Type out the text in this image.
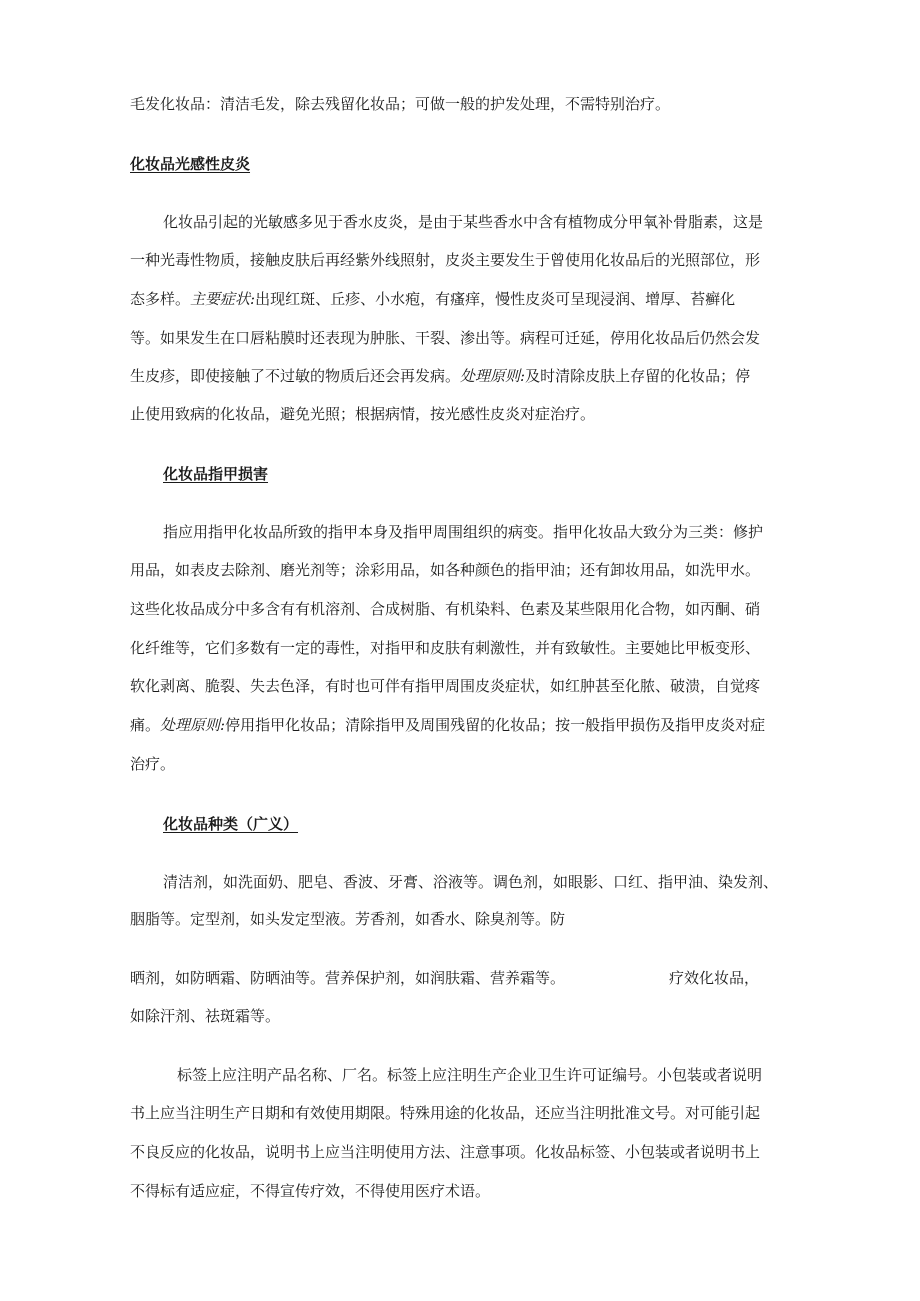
毛发化妆品：清洁毛发，除去残留化妆品；可做一般的护发处理，不需特别治疗。
化妆品光感性皮炎
化妆品引起的光敏感多见于香水皮炎，是由于某些香水中含有植物成分甲氧补骨脂素，这是
一种光毒性物质，接触皮肤后再经紫外线照射，皮炎主要发生于曾使用化妆品后的光照部位，形
态多样。主要症状:出现红斑、丘疹、小水疱，有瘙痒，慢性皮炎可呈现浸润、增厚、苔癣化
等。如果发生在口唇粘膜时还表现为肿胀、干裂、渗出等。病程可迁延，停用化妆品后仍然会发
生皮疹，即使接触了不过敏的物质后还会再发病。处理原则:及时清除皮肤上存留的化妆品；停
止使用致病的化妆品，避免光照；根据病情，按光感性皮炎对症治疗。
化妆品指甲损害
指应用指甲化妆品所致的指甲本身及指甲周围组织的病变。指甲化妆品大致分为三类：修护
用品，如表皮去除剂、磨光剂等；涂彩用品，如各种颜色的指甲油；还有卸妆用品，如洗甲水。
这些化妆品成分中多含有有机溶剂、合成树脂、有机染料、色素及某些限用化合物，如丙酮、硝
化纤维等，它们多数有一定的毒性，对指甲和皮肤有刺激性，并有致敏性。主要她比甲板变形、
软化剥离、脆裂、失去色泽，有时也可伴有指甲周围皮炎症状，如红肿甚至化脓、破溃，自觉疼
痛。处理原则:停用指甲化妆品；清除指甲及周围残留的化妆品；按一般指甲损伤及指甲皮炎对症
治疗。
化妆品种类（广义）
清洁剂，如洗面奶、肥皂、香波、牙膏、浴液等。调色剂，如眼影、口红、指甲油、染发剂、
胭脂等。定型剂，如头发定型液。芳香剂，如香水、除臭剂等。防
晒剂，如防晒霜、防晒油等。营养保护剂，如润肤霜、营养霜等。	疗效化妆品，
如除汗剂、祛斑霜等。
标签上应注明产品名称、厂名。标签上应注明生产企业卫生许可证编号。小包装或者说明
书上应当注明生产日期和有效使用期限。特殊用途的化妆品，还应当注明批准文号。对可能引起
不良反应的化妆品，说明书上应当注明使用方法、注意事项。化妆品标签、小包装或者说明书上
不得标有适应症，不得宣传疗效，不得使用医疗术语。
